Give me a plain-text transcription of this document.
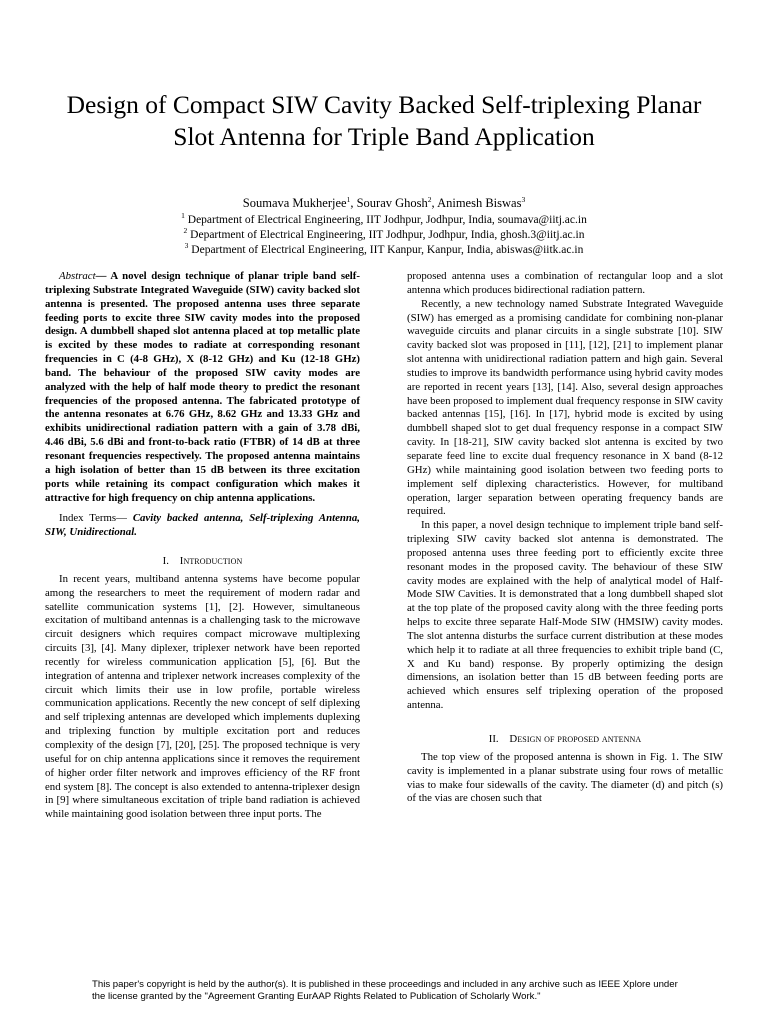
Design of Compact SIW Cavity Backed Self-triplexing Planar Slot Antenna for Triple Band Application
Soumava Mukherjee$^1$, Sourav Ghosh$^2$, Animesh Biswas$^3$
$^1$ Department of Electrical Engineering, IIT Jodhpur, Jodhpur, India, soumava@iitj.ac.in
$^2$ Department of Electrical Engineering, IIT Jodhpur, Jodhpur, India, ghosh.3@iitj.ac.in
$^3$ Department of Electrical Engineering, IIT Kanpur, Kanpur, India, abiswas@iitk.ac.in

Abstract— A novel design technique of planar triple band self-triplexing Substrate Integrated Waveguide (SIW) cavity backed slot antenna is presented. The proposed antenna uses three separate feeding ports to excite three SIW cavity modes into the proposed design. A dumbbell shaped slot antenna placed at top metallic plate is excited by these modes to radiate at corresponding resonant frequencies in C (4-8 GHz), X (8-12 GHz) and Ku (12-18 GHz) band. The behaviour of the proposed SIW cavity modes are analyzed with the help of half mode theory to predict the resonant frequencies of the proposed antenna. The fabricated prototype of the antenna resonates at 6.76 GHz, 8.62 GHz and 13.33 GHz and exhibits unidirectional radiation pattern with a gain of 3.78 dBi, 4.46 dBi, 5.6 dBi and front-to-back ratio (FTBR) of 14 dB at three resonant frequencies respectively. The proposed antenna maintains a high isolation of better than 15 dB between its three excitation ports while retaining its compact configuration which makes it attractive for high frequency on chip antenna applications.

Index Terms— Cavity backed antenna, Self-triplexing Antenna, SIW, Unidirectional.

I. Introduction

In recent years, multiband antenna systems have become popular among the researchers to meet the requirement of modern radar and satellite communication systems [1], [2]. However, simultaneous excitation of multiband antennas is a challenging task to the microwave circuit designers which requires compact microwave multiplexing circuits [3], [4]. Many diplexer, triplexer network have been reported recently for wireless communication application [5], [6]. But the integration of antenna and triplexer network increases complexity of the circuit which limits their use in low profile, portable wireless communication applications. Recently the new concept of self diplexing and self triplexing antennas are developed which implements duplexing and triplexing function by multiple excitation port and reduces complexity of the design [7], [20], [25]. The proposed technique is very useful for on chip antenna applications since it removes the requirement of higher order filter network and improves efficiency of the RF front end system [8]. The concept is also extended to antenna-triplexer design in [9] where simultaneous excitation of triple band radiation is achieved while maintaining good isolation between three input ports. The

proposed antenna uses a combination of rectangular loop and a slot antenna which produces bidirectional radiation pattern.

Recently, a new technology named Substrate Integrated Waveguide (SIW) has emerged as a promising candidate for combining non-planar waveguide circuits and planar circuits in a single substrate [10]. SIW cavity backed slot was proposed in [11], [12], [21] to implement planar slot antenna with unidirectional radiation pattern and high gain. Several studies to improve its bandwidth performance using hybrid cavity modes are reported in recent years [13], [14]. Also, several design approaches have been proposed to implement dual frequency response in SIW cavity backed antennas [15], [16]. In [17], hybrid mode is excited by using dumbbell shaped slot to get dual frequency response in a compact SIW cavity. In [18-21], SIW cavity backed slot antenna is excited by two separate feed line to excite dual frequency resonance in X band (8-12 GHz) while maintaining good isolation between two feeding ports to implement self diplexing characteristics. However, for multiband operation, larger separation between operating frequency bands are required.

In this paper, a novel design technique to implement triple band self-triplexing SIW cavity backed slot antenna is demonstrated. The proposed antenna uses three feeding port to efficiently excite three resonant modes in the proposed cavity. The behaviour of these SIW cavity modes are explained with the help of analytical model of Half-Mode SIW Cavities. It is demonstrated that a long dumbbell shaped slot at the top plate of the proposed cavity along with the three feeding ports helps to excite three separate Half-Mode SIW (HMSIW) cavity modes. The slot antenna disturbs the surface current distribution at these modes which help it to radiate at all three frequencies to exhibit triple band (C, X and Ku band) response. By properly optimizing the design dimensions, an isolation better than 15 dB between feeding ports are achieved which ensures self triplexing operation of the proposed antenna.

II. Design of proposed antenna

The top view of the proposed antenna is shown in Fig. 1. The SIW cavity is implemented in a planar substrate using four rows of metallic vias to make four sidewalls of the cavity. The diameter (d) and pitch (s) of the vias are chosen such that

This paper's copyright is held by the author(s). It is published in these proceedings and included in any archive such as IEEE Xplore under the license granted by the "Agreement Granting EurAAP Rights Related to Publication of Scholarly Work."
